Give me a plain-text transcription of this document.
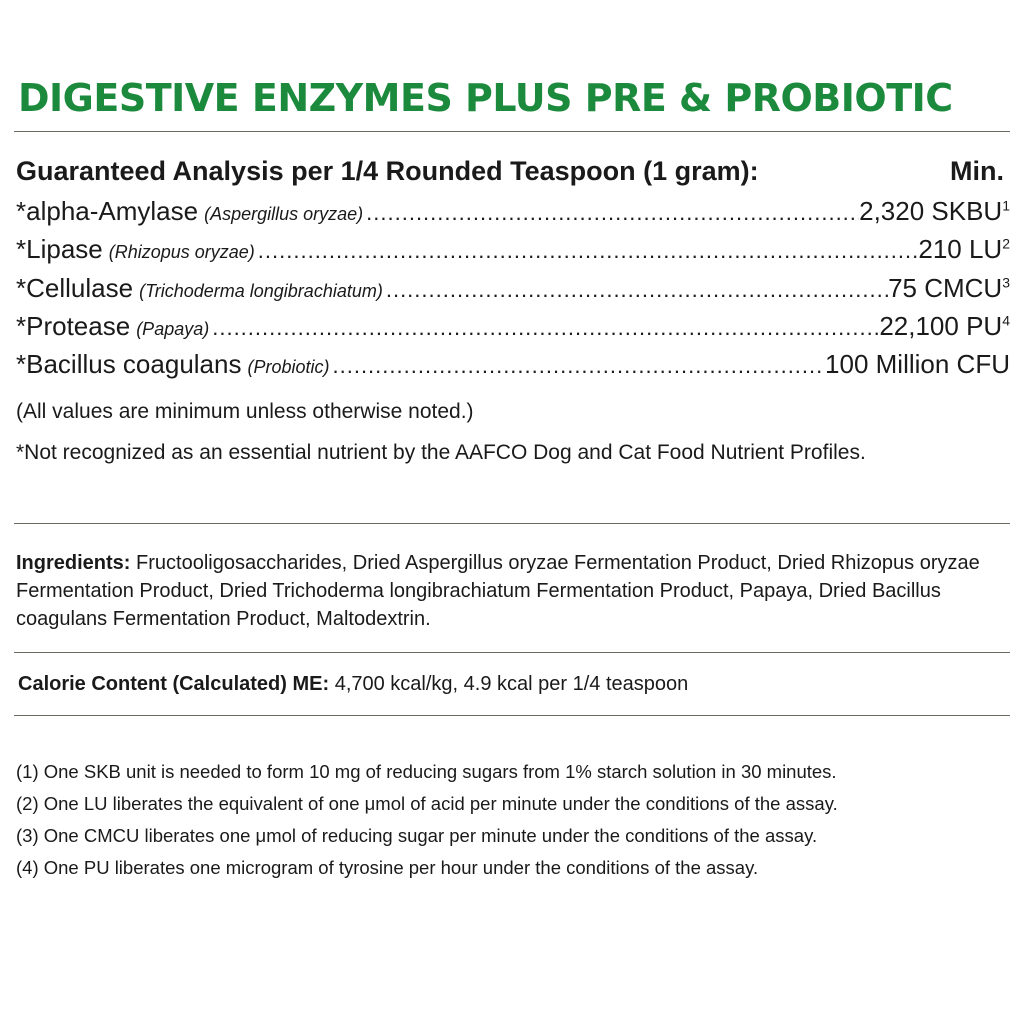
DIGESTIVE ENZYMES PLUS PRE & PROBIOTIC
Guaranteed Analysis per 1/4 Rounded Teaspoon (1 gram):	Min.
*alpha-Amylase (Aspergillus oryzae) .....	2,320 SKBU$^1$
*Lipase (Rhizopus oryzae) .....	210 $LU^2$
*Cellulase (Trichoderma longibrachiatum) .....	75 CMCU$^3$
*Protease (Papaya) .....	22,100 $PU^4$
*Bacillus coagulans (Probiotic) .....	100 Million CFU
(All values are minimum unless otherwise noted.)
*Not recognized as an essential nutrient by the AAFCO Dog and Cat Food Nutrient Profiles.
Ingredients: Fructooligosaccharides, Dried Aspergillus oryzae Fermentation Product, Dried Rhizopus oryzae Fermentation Product, Dried Trichoderma longibrachiatum Fermentation Product, Papaya, Dried Bacillus coagulans Fermentation Product, Maltodextrin.
Calorie Content (Calculated) ME: 4,700 kcal/kg, 4.9 kcal per 1/4 teaspoon
(1) One SKB unit is needed to form 10 mg of reducing sugars from 1% starch solution in 30 minutes.
(2) One LU liberates the equivalent of one μmol of acid per minute under the conditions of the assay.
(3) One CMCU liberates one μmol of reducing sugar per minute under the conditions of the assay.
(4) One PU liberates one microgram of tyrosine per hour under the conditions of the assay.
